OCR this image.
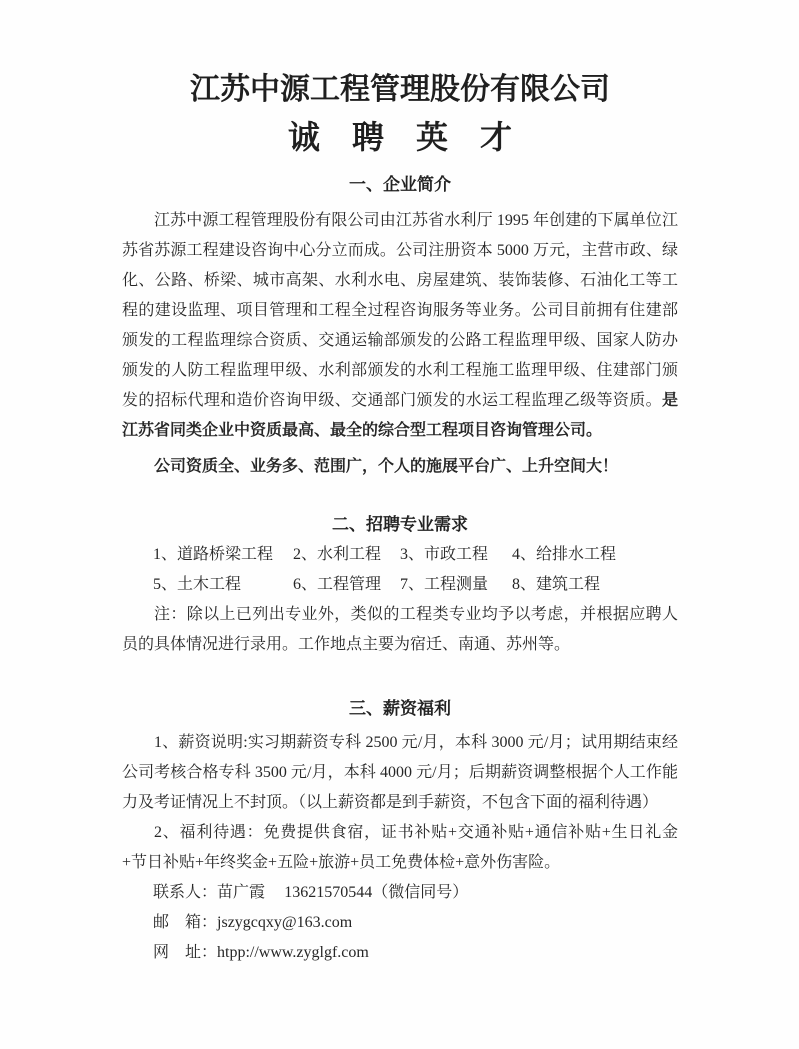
江苏中源工程管理股份有限公司
诚　聘　英　才
一、企业简介

江苏中源工程管理股份有限公司由江苏省水利厅 1995 年创建的下属单位江苏省苏源工程建设咨询中心分立而成。公司注册资本 5000 万元，主营市政、绿化、公路、桥梁、城市高架、水利水电、房屋建筑、装饰装修、石油化工等工程的建设监理、项目管理和工程全过程咨询服务等业务。公司目前拥有住建部颁发的工程监理综合资质、交通运输部颁发的公路工程监理甲级、国家人防办颁发的人防工程监理甲级、水利部颁发的水利工程施工监理甲级、住建部门颁发的招标代理和造价咨询甲级、交通部门颁发的水运工程监理乙级等资质。是江苏省同类企业中资质最高、最全的综合型工程项目咨询管理公司。

公司资质全、业务多、范围广，个人的施展平台广、上升空间大！

二、招聘专业需求
1、道路桥梁工程 2、水利工程 3、市政工程 4、给排水工程
5、土木工程	6、工程管理 7、工程测量 8、建筑工程

注：除以上已列出专业外，类似的工程类专业均予以考虑，并根据应聘人员的具体情况进行录用。工作地点主要为宿迁、南通、苏州等。

三、薪资福利

1、薪资说明:实习期薪资专科 2500 元/月，本科 3000 元/月；试用期结束经公司考核合格专科 3500 元/月，本科 4000 元/月；后期薪资调整根据个人工作能力及考证情况上不封顶。（以上薪资都是到手薪资，不包含下面的福利待遇）

2、福利待遇：免费提供食宿，证书补贴+交通补贴+通信补贴+生日礼金+节日补贴+年终奖金+五险+旅游+员工免费体检+意外伤害险。

联系人：苗广霞 13621570544（微信同号）
邮　箱：jszygcqxy@163.com
网　址：htpp://www.zyglgf.com
